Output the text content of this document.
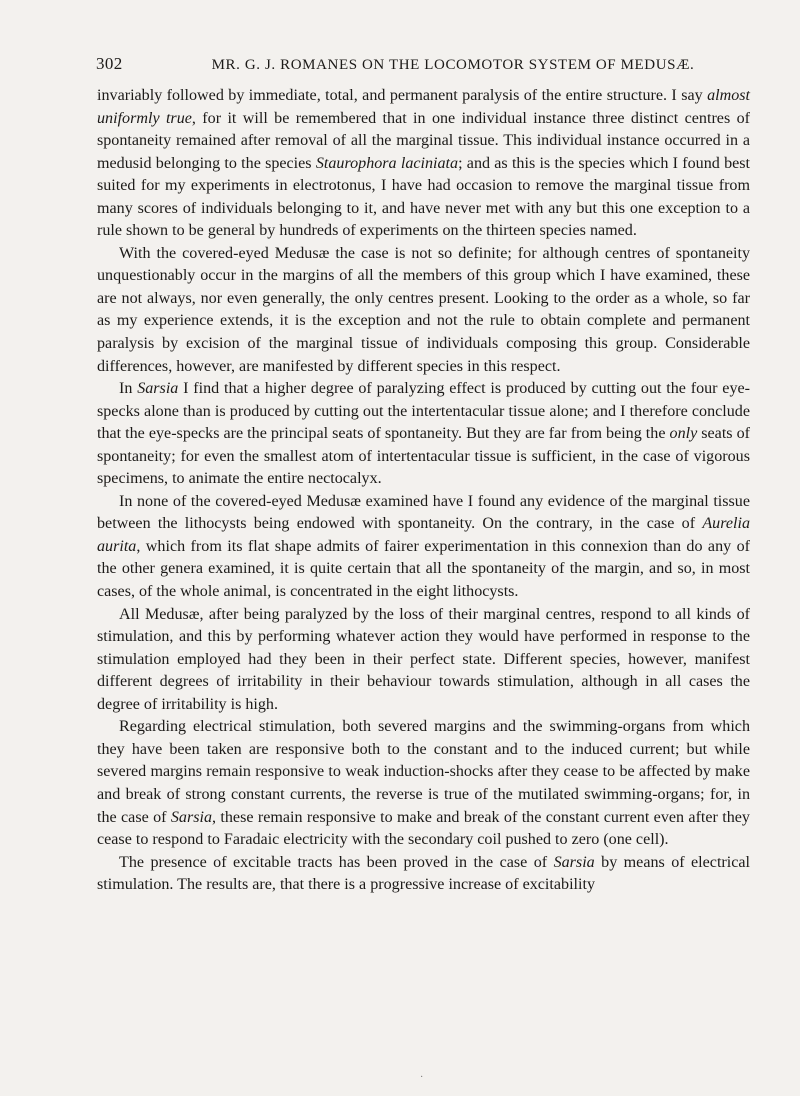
302	MR. G. J. ROMANES ON THE LOCOMOTOR SYSTEM OF MEDUSÆ.

invariably followed by immediate, total, and permanent paralysis of the entire structure. I say almost uniformly true, for it will be remembered that in one individual instance three distinct centres of spontaneity remained after removal of all the marginal tissue. This individual instance occurred in a medusid belonging to the species Staurophora laciniata; and as this is the species which I found best suited for my experiments in electrotonus, I have had occasion to remove the marginal tissue from many scores of individuals belonging to it, and have never met with any but this one exception to a rule shown to be general by hundreds of experiments on the thirteen species named.

With the covered-eyed Medusæ the case is not so definite; for although centres of spontaneity unquestionably occur in the margins of all the members of this group which I have examined, these are not always, nor even generally, the only centres present. Looking to the order as a whole, so far as my experience extends, it is the exception and not the rule to obtain complete and permanent paralysis by excision of the marginal tissue of individuals composing this group. Considerable differences, however, are manifested by different species in this respect.

In Sarsia I find that a higher degree of paralyzing effect is produced by cutting out the four eye-specks alone than is produced by cutting out the intertentacular tissue alone; and I therefore conclude that the eye-specks are the principal seats of spontaneity. But they are far from being the only seats of spontaneity; for even the smallest atom of intertentacular tissue is sufficient, in the case of vigorous specimens, to animate the entire nectocalyx.

In none of the covered-eyed Medusæ examined have I found any evidence of the marginal tissue between the lithocysts being endowed with spontaneity. On the contrary, in the case of Aurelia aurita, which from its flat shape admits of fairer experimentation in this connexion than do any of the other genera examined, it is quite certain that all the spontaneity of the margin, and so, in most cases, of the whole animal, is concentrated in the eight lithocysts.

All Medusæ, after being paralyzed by the loss of their marginal centres, respond to all kinds of stimulation, and this by performing whatever action they would have performed in response to the stimulation employed had they been in their perfect state. Different species, however, manifest different degrees of irritability in their behaviour towards stimulation, although in all cases the degree of irritability is high.

Regarding electrical stimulation, both severed margins and the swimming-organs from which they have been taken are responsive both to the constant and to the induced current; but while severed margins remain responsive to weak induction-shocks after they cease to be affected by make and break of strong constant currents, the reverse is true of the mutilated swimming-organs; for, in the case of Sarsia, these remain responsive to make and break of the constant current even after they cease to respond to Faradaic electricity with the secondary coil pushed to zero (one cell).

The presence of excitable tracts has been proved in the case of Sarsia by means of electrical stimulation. The results are, that there is a progressive increase of excitability

·
